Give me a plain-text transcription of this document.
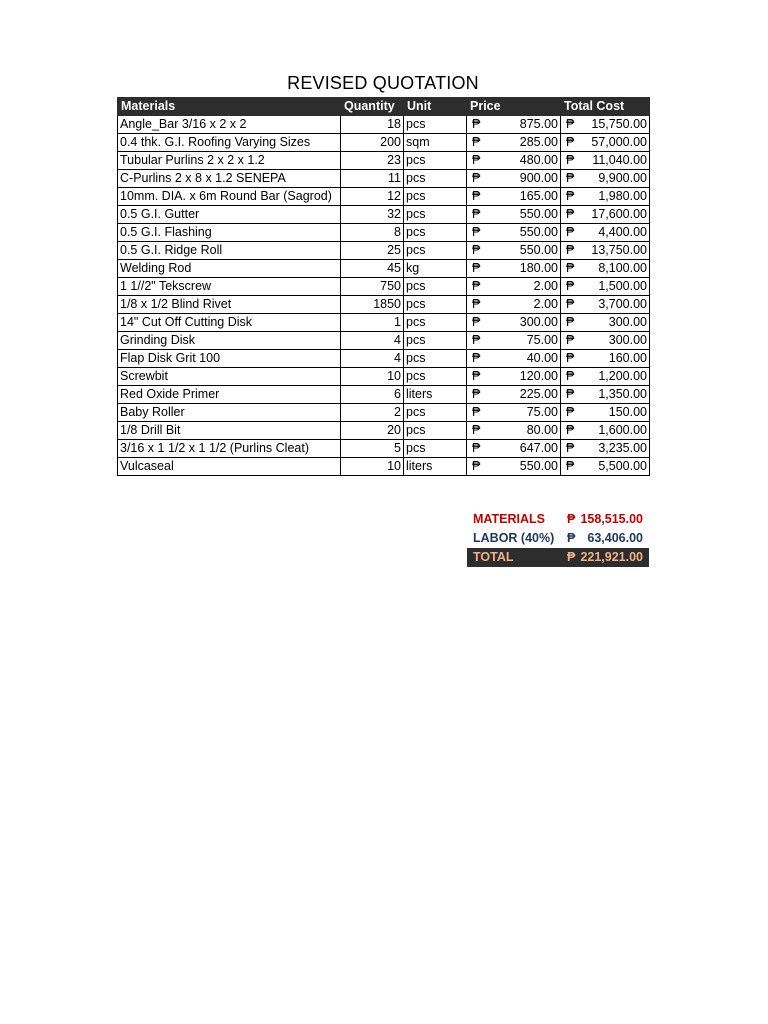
REVISED QUOTATION
Materials	Quantity	Unit	Price	Total Cost
Angle_Bar 3/16 x 2 x 2	18	pcs	₱ 875.00	₱ 15,750.00
0.4 thk. G.I. Roofing Varying Sizes	200	sqm	₱ 285.00	₱ 57,000.00
Tubular Purlins 2 x 2 x 1.2	23	pcs	₱ 480.00	₱ 11,040.00
C-Purlins 2 x 8 x 1.2 SENEPA	11	pcs	₱ 900.00	₱ 9,900.00
10mm. DIA. x 6m Round Bar (Sagrod)	12	pcs	₱ 165.00	₱ 1,980.00
0.5 G.I. Gutter	32	pcs	₱ 550.00	₱ 17,600.00
0.5 G.I. Flashing	8	pcs	₱ 550.00	₱ 4,400.00
0.5 G.I. Ridge Roll	25	pcs	₱ 550.00	₱ 13,750.00
Welding Rod	45	kg	₱ 180.00	₱ 8,100.00
1 1//2" Tekscrew	750	pcs	₱ 2.00	₱ 1,500.00
1/8 x 1/2 Blind Rivet	1850	pcs	₱ 2.00	₱ 3,700.00
14" Cut Off Cutting Disk	1	pcs	₱ 300.00	₱ 300.00
Grinding Disk	4	pcs	₱ 75.00	₱ 300.00
Flap Disk Grit 100	4	pcs	₱ 40.00	₱ 160.00
Screwbit	10	pcs	₱ 120.00	₱ 1,200.00
Red Oxide Primer	6	liters	₱ 225.00	₱ 1,350.00
Baby Roller	2	pcs	₱ 75.00	₱ 150.00
1/8 Drill Bit	20	pcs	₱ 80.00	₱ 1,600.00
3/16 x 1 1/2 x 1 1/2 (Purlins Cleat)	5	pcs	₱ 647.00	₱ 3,235.00
Vulcaseal	10	liters	₱ 550.00	₱ 5,500.00
MATERIALS ₱ 158,515.00
LABOR (40%) ₱ 63,406.00
TOTAL	₱ 221,921.00
